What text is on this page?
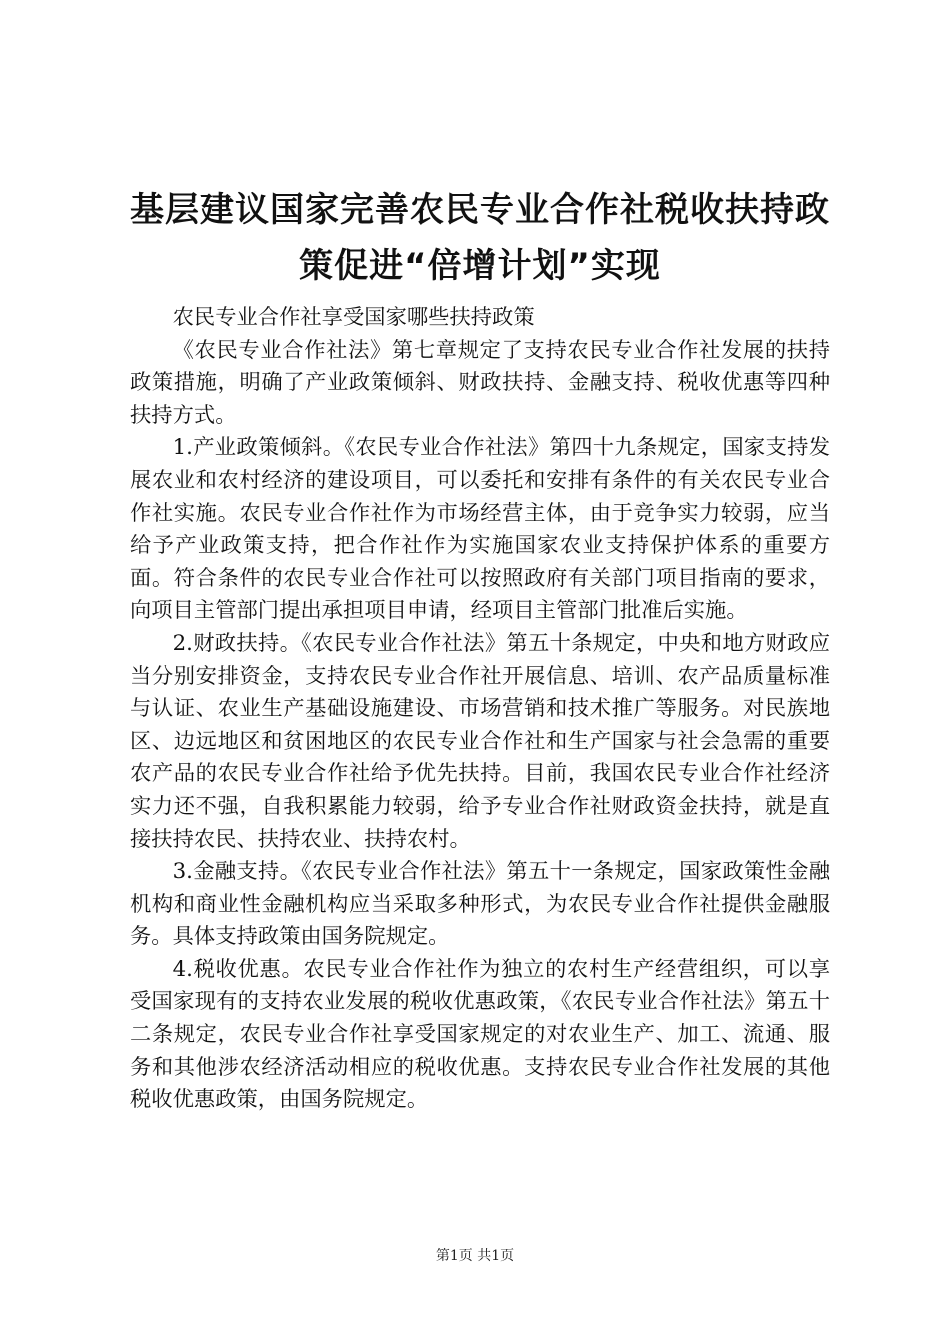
基层建议国家完善农民专业合作社税收扶持政
策促进“倍增计划”实现

农民专业合作社享受国家哪些扶持政策

《农民专业合作社法》第七章规定了支持农民专业合作社发展的扶持政策措施，明确了产业政策倾斜、财政扶持、金融支持、税收优惠等四种扶持方式。

1.产业政策倾斜。《农民专业合作社法》第四十九条规定，国家支持发展农业和农村经济的建设项目，可以委托和安排有条件的有关农民专业合作社实施。农民专业合作社作为市场经营主体，由于竞争实力较弱，应当给予产业政策支持，把合作社作为实施国家农业支持保护体系的重要方面。符合条件的农民专业合作社可以按照政府有关部门项目指南的要求，向项目主管部门提出承担项目申请，经项目主管部门批准后实施。

2.财政扶持。《农民专业合作社法》第五十条规定，中央和地方财政应当分别安排资金，支持农民专业合作社开展信息、培训、农产品质量标准与认证、农业生产基础设施建设、市场营销和技术推广等服务。对民族地区、边远地区和贫困地区的农民专业合作社和生产国家与社会急需的重要农产品的农民专业合作社给予优先扶持。目前，我国农民专业合作社经济实力还不强，自我积累能力较弱，给予专业合作社财政资金扶持，就是直接扶持农民、扶持农业、扶持农村。

3.金融支持。《农民专业合作社法》第五十一条规定，国家政策性金融机构和商业性金融机构应当采取多种形式，为农民专业合作社提供金融服务。具体支持政策由国务院规定。

4.税收优惠。农民专业合作社作为独立的农村生产经营组织，可以享受国家现有的支持农业发展的税收优惠政策，《农民专业合作社法》第五十二条规定，农民专业合作社享受国家规定的对农业生产、加工、流通、服务和其他涉农经济活动相应的税收优惠。支持农民专业合作社发展的其他税收优惠政策，由国务院规定。

第1页 共1页
